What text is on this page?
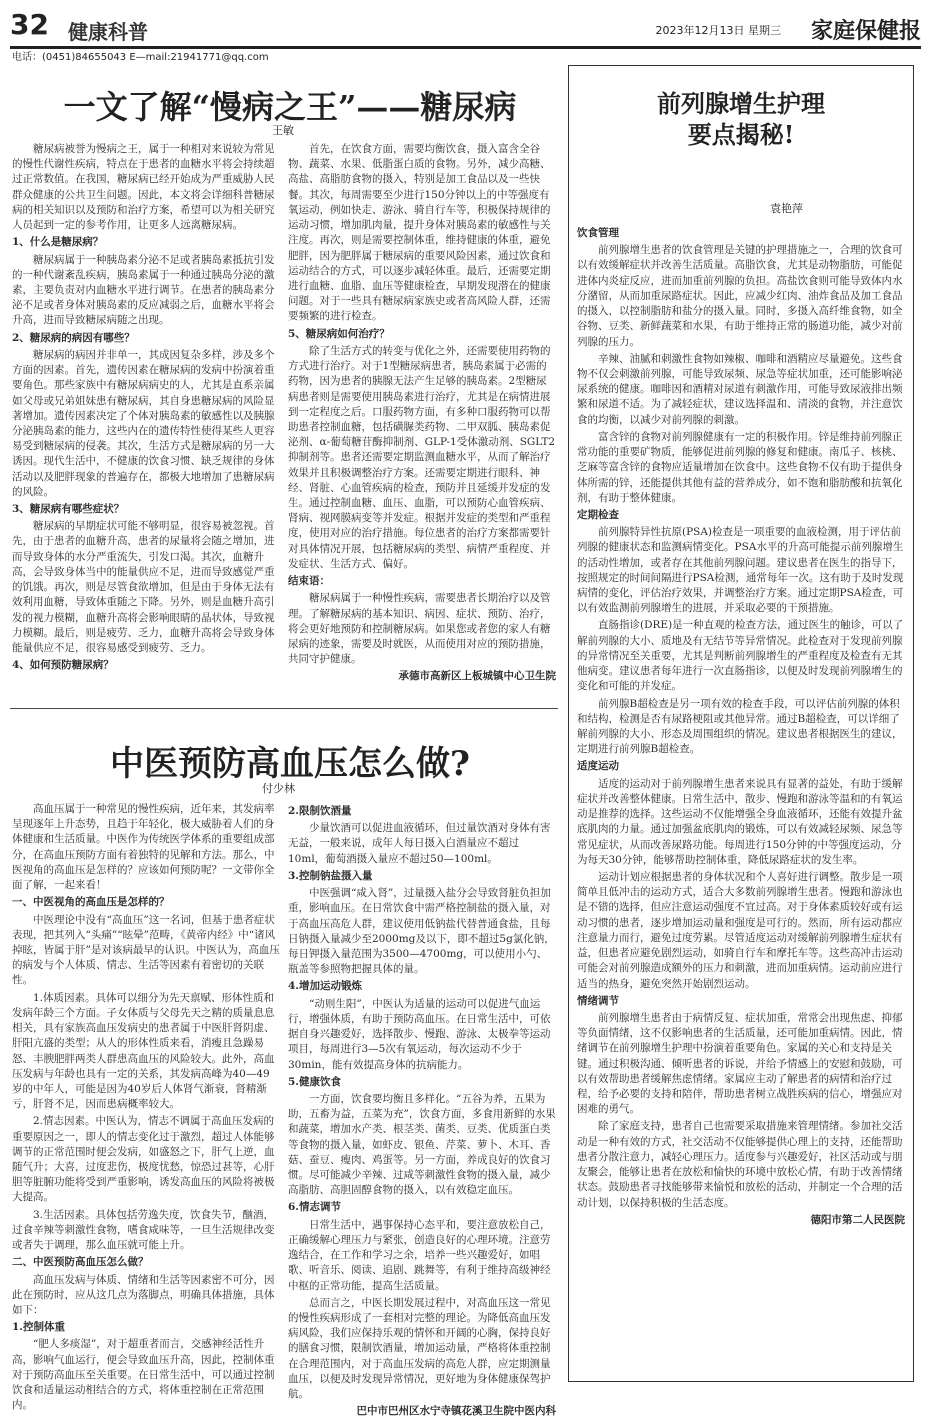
32 健康科普	2023年12月13日 星期三 家庭保健报
电话：(0451)84655043 E—mail:21941771@qq.com
一文了解“慢病之王”——糖尿病
王敏

糖尿病被誉为慢病之王，属于一种相对来说较为常见的慢性代谢性疾病，特点在于患者的血糖水平将会持续超过正常数值。在我国，糖尿病已经开始成为严重威胁人民群众健康的公共卫生问题。因此，本文将会详细科普糖尿病的相关知识以及预防和治疗方案，希望可以为相关研究人员起到一定的参考作用，让更多人远离糖尿病。

1、什么是糖尿病？

糖尿病属于一种胰岛素分泌不足或者胰岛素抵抗引发的一种代谢紊乱疾病，胰岛素属于一种通过胰岛分泌的激素，主要负责对内血糖水平进行调节。在患者的胰岛素分泌不足或者身体对胰岛素的反应减弱之后，血糖水平将会升高，进而导致糖尿病随之出现。

2、糖尿病的病因有哪些？

糖尿病的病因并非单一，其成因复杂多样，涉及多个方面的因素。首先，遗传因素在糖尿病的发病中扮演着重要角色。那些家族中有糖尿病病史的人，尤其是直系亲属如父母或兄弟姐妹患有糖尿病，其自身患糖尿病的风险显著增加。遗传因素决定了个体对胰岛素的敏感性以及胰腺分泌胰岛素的能力，这些内在的遗传特性使得某些人更容易受到糖尿病的侵袭。其次，生活方式是糖尿病的另一大诱因。现代生活中，不健康的饮食习惯、缺乏规律的身体活动以及肥胖现象的普遍存在，都极大地增加了患糖尿病的风险。

3、糖尿病有哪些症状？

糖尿病的早期症状可能不够明显，很容易被忽视。首先，由于患者的血糖升高，患者的尿量将会随之增加，进而导致身体的水分严重流失，引发口渴。其次，血糖升高，会导致身体当中的能量供应不足，进而导致感觉严重的饥饿。再次，则是尽管食欲增加，但是由于身体无法有效利用血糖，导致体重随之下降。另外，则是血糖升高引发的视力模糊，血糖升高将会影响眼睛的晶状体，导致视力模糊。最后，则是疲劳、乏力，血糖升高将会导致身体能量供应不足，很容易感受到疲劳、乏力。

4、如何预防糖尿病？

首先，在饮食方面，需要均衡饮食，摄入富含全谷物、蔬菜、水果、低脂蛋白质的食物。另外，减少高糖、高盐、高脂肪食物的摄入，特别是加工食品以及一些快餐。其次，每周需要至少进行150分钟以上的中等强度有氧运动，例如快走、游泳、骑自行车等，积极保持规律的运动习惯，增加肌肉量，提升身体对胰岛素的敏感性与关注度。再次，则是需要控制体重，维持健康的体重，避免肥胖，因为肥胖属于糖尿病的重要风险因素，通过饮食和运动结合的方式，可以逐步减轻体重。最后，还需要定期进行血糖、血脂、血压等健康检查，早期发现潜在的健康问题。对于一些具有糖尿病家族史或者高风险人群，还需要频繁的进行检查。

5、糖尿病如何治疗？

除了生活方式的转变与优化之外，还需要使用药物的方式进行治疗。对于1型糖尿病患者，胰岛素属于必需的药物，因为患者的胰腺无法产生足够的胰岛素。2型糖尿病患者则是需要使用胰岛素进行治疗，尤其是在病情进展到一定程度之后。口服药物方面，有多种口服药物可以帮助患者控制血糖，包括磺脲类药物、二甲双胍、胰岛素促泌剂、α-葡萄糖苷酶抑制剂、GLP-1受体激动剂、SGLT2抑制剂等。患者还需要定期监测血糖水平，从而了解治疗效果并且积极调整治疗方案。还需要定期进行眼科、神经、肾脏、心血管疾病的检查，预防并且延缓并发症的发生。通过控制血糖、血压、血脂，可以预防心血管疾病、肾病、视网膜病变等并发症。根据并发症的类型和严重程度，使用对应的治疗措施。每位患者的治疗方案都需要针对具体情况开展，包括糖尿病的类型、病情严重程度、并发症状、生活方式、偏好。

结束语：

糖尿病属于一种慢性疾病，需要患者长期治疗以及管理。了解糖尿病的基本知识、病因、症状、预防、治疗，将会更好地预防和控制糖尿病。如果您或者您的家人有糖尿病的迹象，需要及时就医，从而使用对应的预防措施，共同守护健康。

承德市高新区上板城镇中心卫生院

中医预防高血压怎么做?
付少林

高血压属于一种常见的慢性疾病，近年来，其发病率呈现逐年上升态势，且趋于年轻化，极大威胁着人们的身体健康和生活质量。中医作为传统医学体系的重要组成部分，在高血压预防方面有着独特的见解和方法。那么，中医视角的高血压是怎样的？应该如何预防呢？一文带你全面了解，一起来看！

一、中医视角的高血压是怎样的？

中医理论中没有“高血压”这一名词，但基于患者症状表现，把其列入“头痛”“眩晕”范畴，《黄帝内经》中“诸风掉眩，皆属于肝”是对该病最早的认识。中医认为，高血压的病发与个人体质、情志、生活等因素有着密切的关联性。

1.体质因素。具体可以细分为先天禀赋、形体性质和发病年龄三个方面。子女体质与父母先天之精的质量息息相关，具有家族高血压发病史的患者属于中医肝肾阴虚、肝阳亢盛的类型；从人的形体性质来看，消瘦且急躁易怒、丰腴肥胖两类人群患高血压的风险较大。此外，高血压发病与年龄也具有一定的关系，其发病高峰为40—49岁的中年人，可能是因为40岁后人体肾气渐衰，肾精渐亏，肝肾不足，因而患病概率较大。

2.情志因素。中医认为，情志不调属于高血压发病的重要原因之一，即人的情志变化过于激烈，超过人体能够调节的正常范围时便会发病，如盛怒之下，肝气上逆，血随气升；大喜，过度悲伤，极度忧愁，惊恐过甚等，心肝胆等脏腑功能将受到严重影响，诱发高血压的风险将被极大提高。

3.生活因素。具体包括劳逸失度，饮食失节，酗酒，过食辛辣等刺激性食物，嗜食咸味等，一旦生活规律改变或者失于调理，那么血压就可能上升。

二、中医预防高血压怎么做？

高血压发病与体质、情绪和生活等因素密不可分，因此在预防时，应从这几点为落脚点，明确具体措施，具体如下：

1.控制体重

“肥人多痰湿”，对于超重者而言，交感神经活性升高，影响气血运行，便会导致血压升高，因此，控制体重对于预防高血压至关重要。在日常生活中，可以通过控制饮食和适量运动相结合的方式，将体重控制在正常范围内。

2.限制饮酒量

少量饮酒可以促进血液循环，但过量饮酒对身体有害无益，一般来说，成年人每日摄入白酒量应不超过10ml，葡萄酒摄入量应不超过50—100ml。

3.控制钠盐摄入量

中医强调“咸入肾”，过量摄入盐分会导致肾脏负担加重，影响血压。在日常饮食中需严格控制盐的摄入量，对于高血压高危人群，建议使用低钠盐代替普通食盐，且每日钠摄入量减少至2000mg及以下，即不超过5g氯化钠，每日钾摄入量范围为3500—4700mg，可以使用小勺、瓶盖等参照物把握具体的量。

4.增加运动锻炼

“动则生阳”，中医认为适量的运动可以促进气血运行，增强体质，有助于预防高血压。在日常生活中，可依据自身兴趣爱好，选择散步、慢跑、游泳、太极拳等运动项目，每周进行3—5次有氧运动，每次运动不少于30min，能有效提高身体的抗病能力。

5.健康饮食

一方面，饮食要均衡且多样化。“五谷为养，五果为助，五畜为益，五菜为充”，饮食方面，多食用新鲜的水果和蔬菜，增加水产类、根茎类、菌类、豆类、优质蛋白类等食物的摄入量，如虾皮、银鱼、芹菜、萝卜、木耳、香菇、蚕豆、瘦肉、鸡蛋等。另一方面，养成良好的饮食习惯。尽可能减少辛辣、过咸等刺激性食物的摄入量，减少高脂肪、高胆固醇食物的摄入，以有效稳定血压。

6.情志调节

日常生活中，遇事保持心态平和，要注意放松自己，正确缓解心理压力与紧张，创造良好的心理环境。注意劳逸结合，在工作和学习之余，培养一些兴趣爱好，如唱歌、听音乐、阅读、追剧、跳舞等，有利于维持高级神经中枢的正常功能，提高生活质量。

总而言之，中医长期发展过程中，对高血压这一常见的慢性疾病形成了一套相对完整的理论。为降低高血压发病风险，我们应保持乐观的情怀和开阔的心胸，保持良好的膳食习惯，限制饮酒量，增加运动量，严格将体重控制在合理范围内，对于高血压发病的高危人群，应定期测量血压，以便及时发现异常情况，更好地为身体健康保驾护航。

巴中市巴州区水宁寺镇花溪卫生院中医内科

前列腺增生护理
要点揭秘!
袁艳萍

饮食管理

前列腺增生患者的饮食管理是关键的护理措施之一，合理的饮食可以有效缓解症状并改善生活质量。高脂饮食，尤其是动物脂肪，可能促进体内炎症反应，进而加重前列腺的负担。高盐饮食则可能导致体内水分潴留，从而加重尿路症状。因此，应减少红肉、油炸食品及加工食品的摄入，以控制脂肪和盐分的摄入量。同时，多摄入高纤维食物，如全谷物、豆类、新鲜蔬菜和水果，有助于维持正常的肠道功能，减少对前列腺的压力。

辛辣、油腻和刺激性食物如辣椒、咖啡和酒精应尽量避免。这些食物不仅会刺激前列腺，可能导致尿频、尿急等症状加重，还可能影响泌尿系统的健康。咖啡因和酒精对尿道有刺激作用，可能导致尿液排出频繁和尿道不适。为了减轻症状，建议选择温和、清淡的食物，并注意饮食的均衡，以减少对前列腺的刺激。

富含锌的食物对前列腺健康有一定的积极作用。锌是维持前列腺正常功能的重要矿物质，能够促进前列腺的修复和健康。南瓜子、核桃、芝麻等富含锌的食物应适量增加在饮食中。这些食物不仅有助于提供身体所需的锌，还能提供其他有益的营养成分，如不饱和脂肪酸和抗氧化剂，有助于整体健康。

定期检查

前列腺特异性抗原(PSA)检查是一项重要的血液检测，用于评估前列腺的健康状态和监测病情变化。PSA水平的升高可能提示前列腺增生的活动性增加，或者存在其他前列腺问题。建议患者在医生的指导下，按照规定的时间间隔进行PSA检测，通常每年一次。这有助于及时发现病情的变化，评估治疗效果，并调整治疗方案。通过定期PSA检查，可以有效监测前列腺增生的进展，并采取必要的干预措施。

直肠指诊(DRE)是一种直观的检查方法，通过医生的触诊，可以了解前列腺的大小、质地及有无结节等异常情况。此检查对于发现前列腺的异常情况至关重要，尤其是判断前列腺增生的严重程度及检查有无其他病变。建议患者每年进行一次直肠指诊，以便及时发现前列腺增生的变化和可能的并发症。

前列腺B超检查是另一项有效的检查手段，可以评估前列腺的体积和结构，检测是否有尿路梗阻或其他异常。通过B超检查，可以详细了解前列腺的大小、形态及周围组织的情况。建议患者根据医生的建议，定期进行前列腺B超检查。

适度运动

适度的运动对于前列腺增生患者来说具有显著的益处，有助于缓解症状并改善整体健康。日常生活中，散步、慢跑和游泳等温和的有氧运动是推荐的选择。这些运动不仅能增强全身血液循环，还能有效提升盆底肌肉的力量。通过加强盆底肌肉的锻炼，可以有效减轻尿频、尿急等常见症状，从而改善尿路功能。每周进行150分钟的中等强度运动，分为每天30分钟，能够帮助控制体重，降低尿路症状的发生率。

运动计划应根据患者的身体状况和个人喜好进行调整。散步是一项简单且低冲击的运动方式，适合大多数前列腺增生患者。慢跑和游泳也是不错的选择，但应注意运动强度不宜过高。对于身体素质较好或有运动习惯的患者，逐步增加运动量和强度是可行的。然而，所有运动都应注意量力而行，避免过度劳累。尽管适度运动对缓解前列腺增生症状有益，但患者应避免剧烈运动，如骑自行车和摩托车等。这些高冲击运动可能会对前列腺造成额外的压力和刺激，进而加重病情。运动前应进行适当的热身，避免突然开始剧烈运动。

情绪调节

前列腺增生患者由于病情反复、症状加重，常常会出现焦虑、抑郁等负面情绪，这不仅影响患者的生活质量，还可能加重病情。因此，情绪调节在前列腺增生护理中扮演着重要角色。家属的关心和支持是关键。通过积极沟通、倾听患者的诉说，并给予情感上的安慰和鼓励，可以有效帮助患者缓解焦虑情绪。家属应主动了解患者的病情和治疗过程，给予必要的支持和陪伴，帮助患者树立战胜疾病的信心，增强应对困难的勇气。

除了家庭支持，患者自己也需要采取措施来管理情绪。参加社交活动是一种有效的方式，社交活动不仅能够提供心理上的支持，还能帮助患者分散注意力，减轻心理压力。适度参与兴趣爱好，社区活动或与朋友聚会，能够让患者在放松和愉快的环境中放松心情，有助于改善情绪状态。鼓励患者寻找能够带来愉悦和放松的活动，并制定一个合理的活动计划，以保持积极的生活态度。

德阳市第二人民医院
